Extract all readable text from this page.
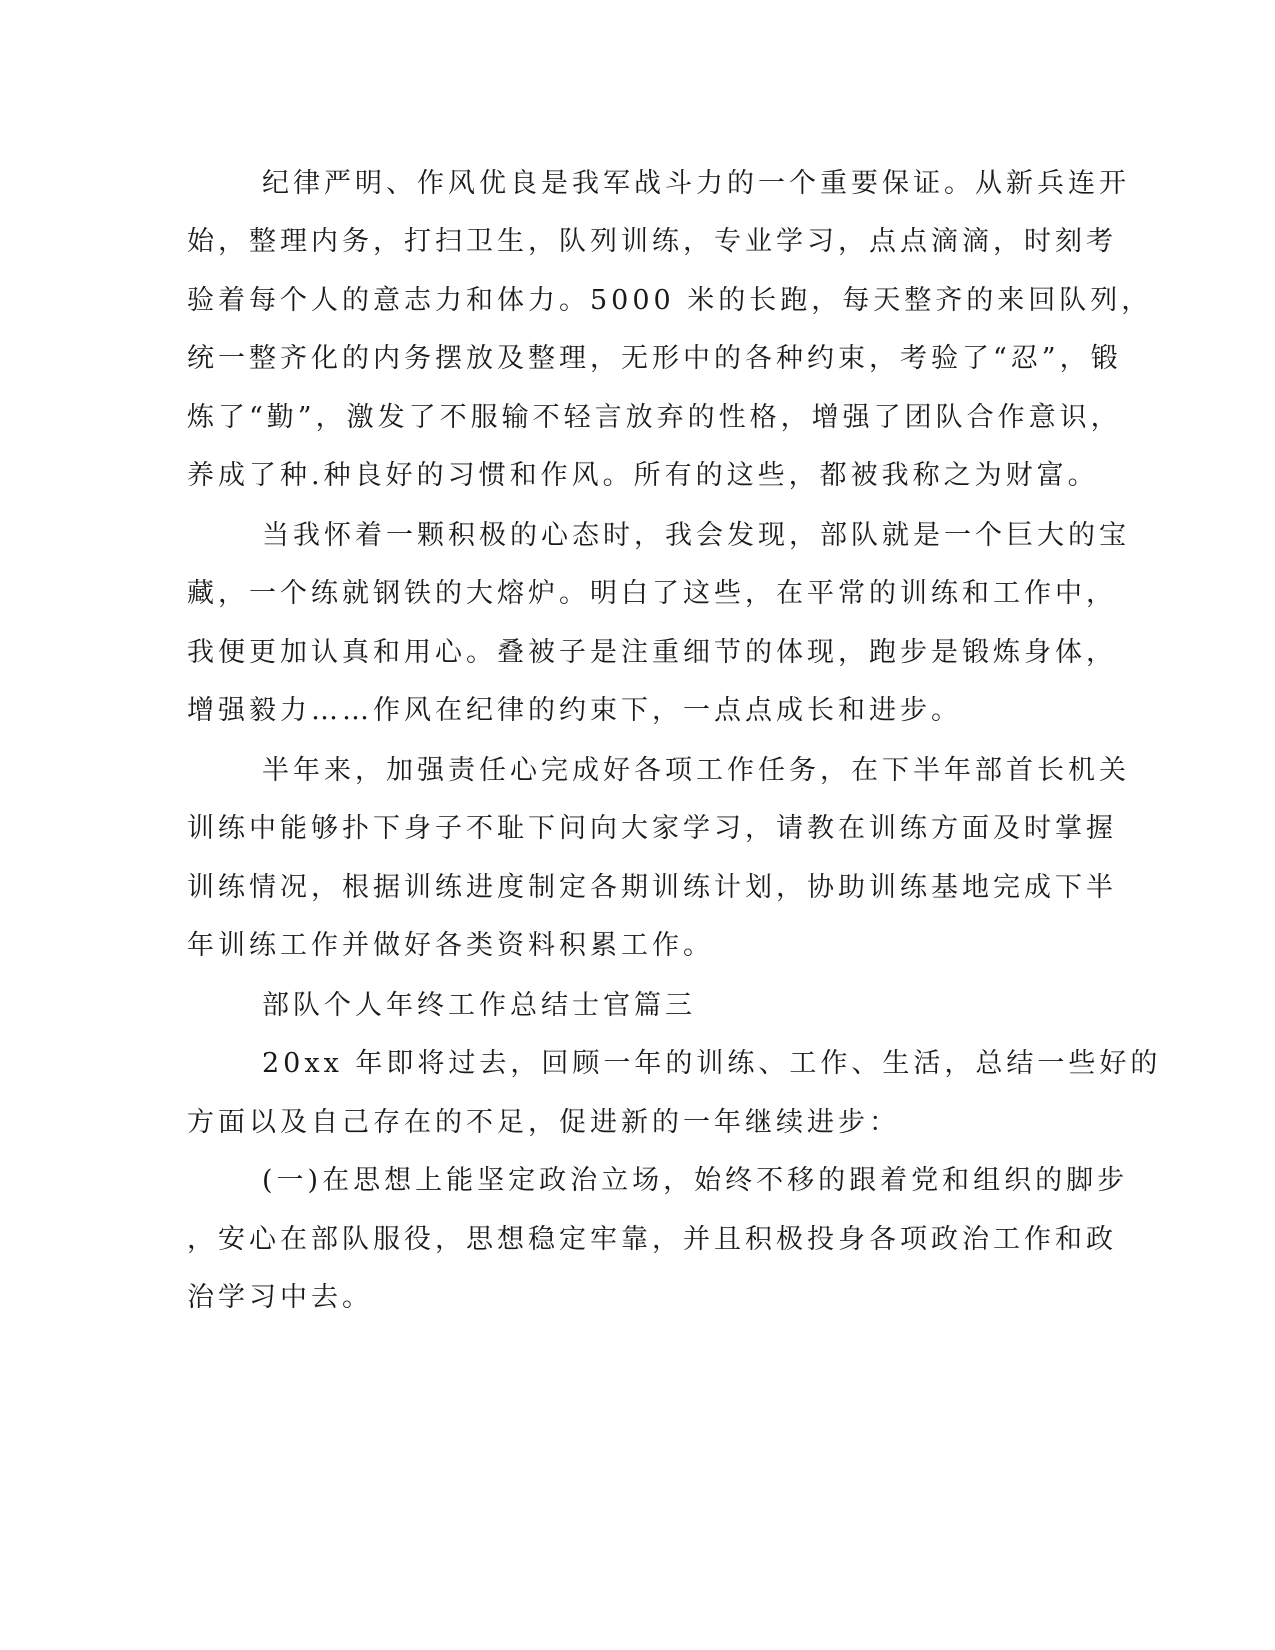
纪律严明、作风优良是我军战斗力的一个重要保证。从新兵连开
始，整理内务，打扫卫生，队列训练，专业学习，点点滴滴，时刻考
验着每个人的意志力和体力。5000 米的长跑，每天整齐的来回队列，
统一整齐化的内务摆放及整理，无形中的各种约束，考验了“忍”，锻
炼了“勤”，激发了不服输不轻言放弃的性格，增强了团队合作意识，
养成了种.种良好的习惯和作风。所有的这些，都被我称之为财富。
当我怀着一颗积极的心态时，我会发现，部队就是一个巨大的宝
藏，一个练就钢铁的大熔炉。明白了这些，在平常的训练和工作中，
我便更加认真和用心。叠被子是注重细节的体现，跑步是锻炼身体，
增强毅力……作风在纪律的约束下，一点点成长和进步。
半年来，加强责任心完成好各项工作任务，在下半年部首长机关
训练中能够扑下身子不耻下问向大家学习，请教在训练方面及时掌握
训练情况，根据训练进度制定各期训练计划，协助训练基地完成下半
年训练工作并做好各类资料积累工作。
部队个人年终工作总结士官篇三
20xx 年即将过去，回顾一年的训练、工作、生活，总结一些好的
方面以及自己存在的不足，促进新的一年继续进步：
(一)在思想上能坚定政治立场，始终不移的跟着党和组织的脚步
，安心在部队服役，思想稳定牢靠，并且积极投身各项政治工作和政
治学习中去。
